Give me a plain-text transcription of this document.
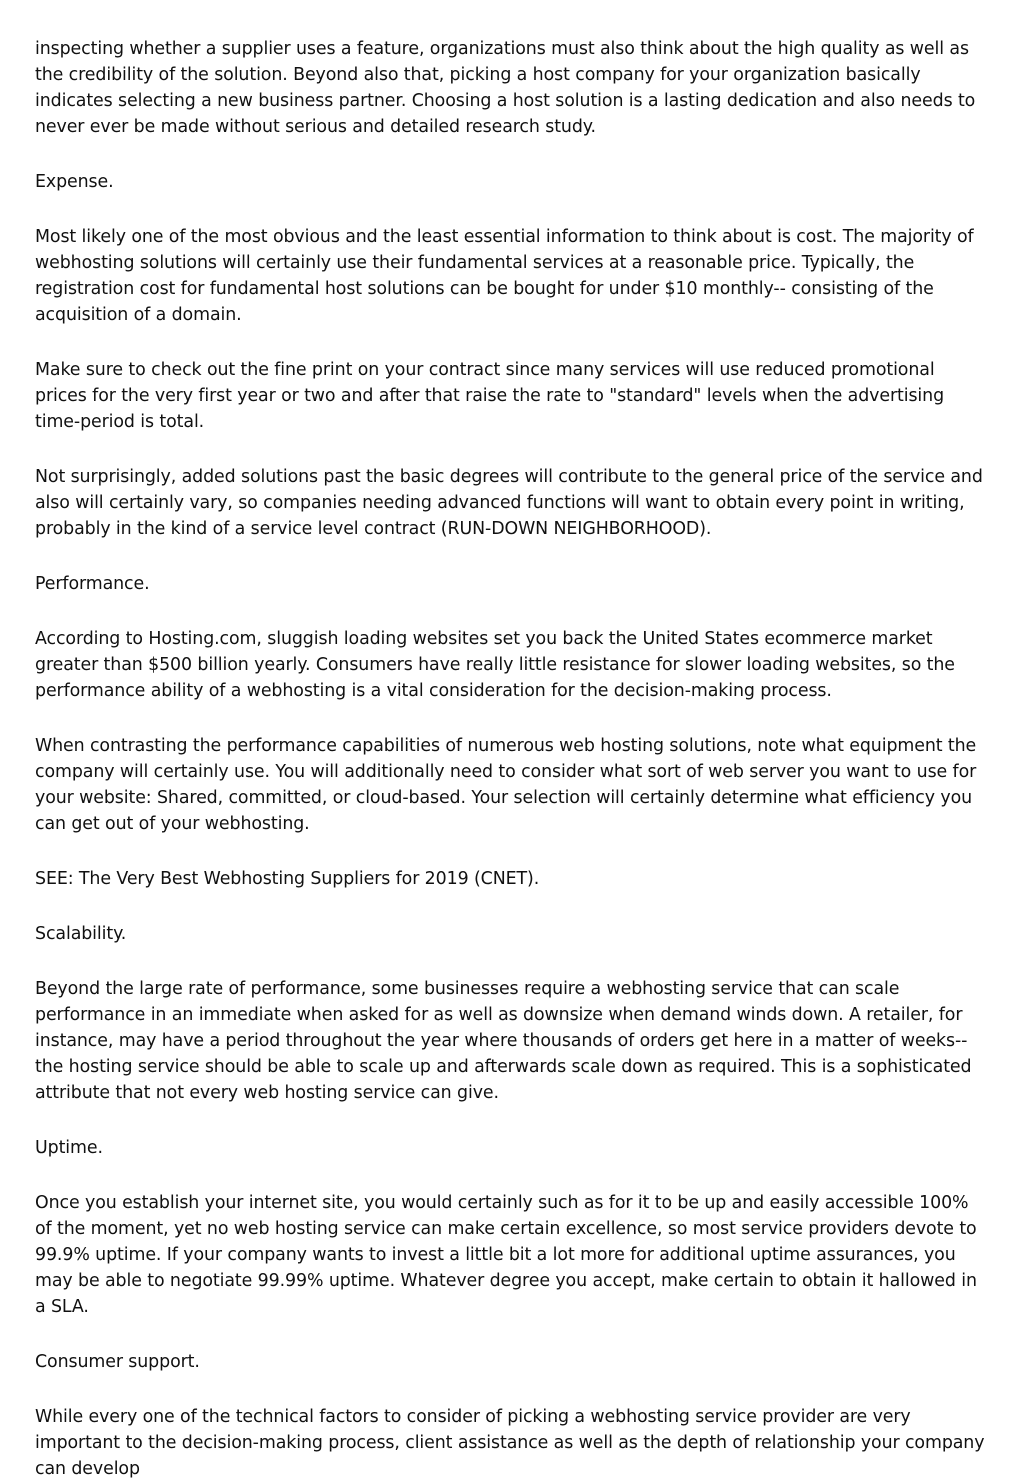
inspecting whether a supplier uses a feature, organizations must also think about the high quality as well as the credibility of the solution. Beyond also that, picking a host company for your organization basically indicates selecting a new business partner. Choosing a host solution is a lasting dedication and also needs to never ever be made without serious and detailed research study.

Expense.

Most likely one of the most obvious and the least essential information to think about is cost. The majority of webhosting solutions will certainly use their fundamental services at a reasonable price. Typically, the registration cost for fundamental host solutions can be bought for under $10 monthly-- consisting of the acquisition of a domain.

Make sure to check out the fine print on your contract since many services will use reduced promotional prices for the very first year or two and after that raise the rate to "standard" levels when the advertising time-period is total.

Not surprisingly, added solutions past the basic degrees will contribute to the general price of the service and also will certainly vary, so companies needing advanced functions will want to obtain every point in writing, probably in the kind of a service level contract (RUN-DOWN NEIGHBORHOOD).

Performance.

According to Hosting.com, sluggish loading websites set you back the United States ecommerce market greater than $500 billion yearly. Consumers have really little resistance for slower loading websites, so the performance ability of a webhosting is a vital consideration for the decision-making process.

When contrasting the performance capabilities of numerous web hosting solutions, note what equipment the company will certainly use. You will additionally need to consider what sort of web server you want to use for your website: Shared, committed, or cloud-based. Your selection will certainly determine what efficiency you can get out of your webhosting.

SEE: The Very Best Webhosting Suppliers for 2019 (CNET).

Scalability.

Beyond the large rate of performance, some businesses require a webhosting service that can scale performance in an immediate when asked for as well as downsize when demand winds down. A retailer, for instance, may have a period throughout the year where thousands of orders get here in a matter of weeks-- the hosting service should be able to scale up and afterwards scale down as required. This is a sophisticated attribute that not every web hosting service can give.

Uptime.

Once you establish your internet site, you would certainly such as for it to be up and easily accessible 100% of the moment, yet no web hosting service can make certain excellence, so most service providers devote to 99.9% uptime. If your company wants to invest a little bit a lot more for additional uptime assurances, you may be able to negotiate 99.99% uptime. Whatever degree you accept, make certain to obtain it hallowed in a SLA.

Consumer support.

While every one of the technical factors to consider of picking a webhosting service provider are very important to the decision-making process, client assistance as well as the depth of relationship your company can develop
